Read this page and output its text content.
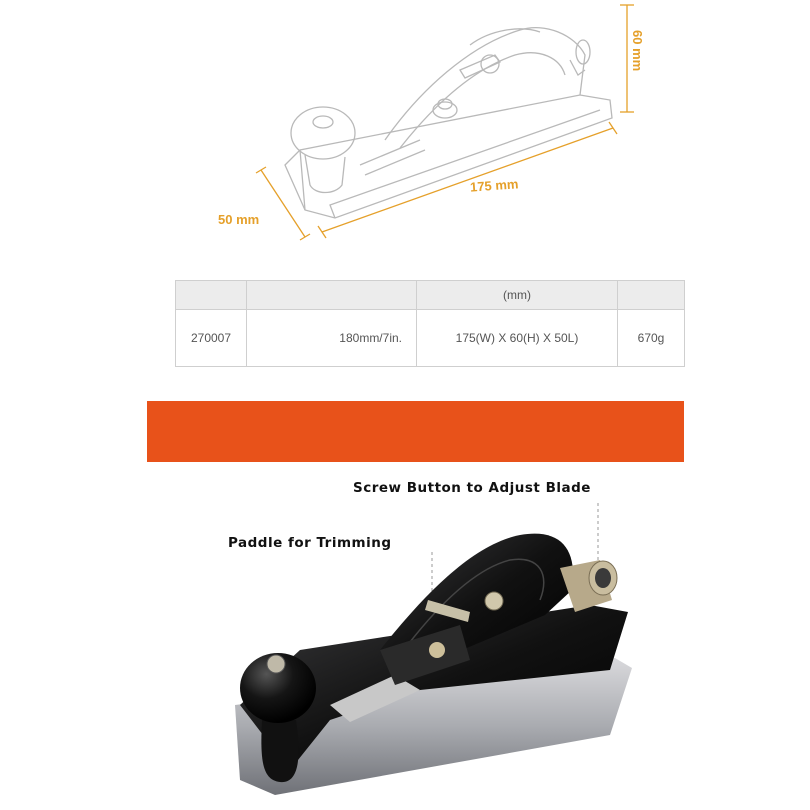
60 mm
175 mm
50 mm
		(mm)	
270007	180mm/7in.	175(W) X 60(H) X 50L)	670g
Screw Button to Adjust Blade
Paddle for Trimming
